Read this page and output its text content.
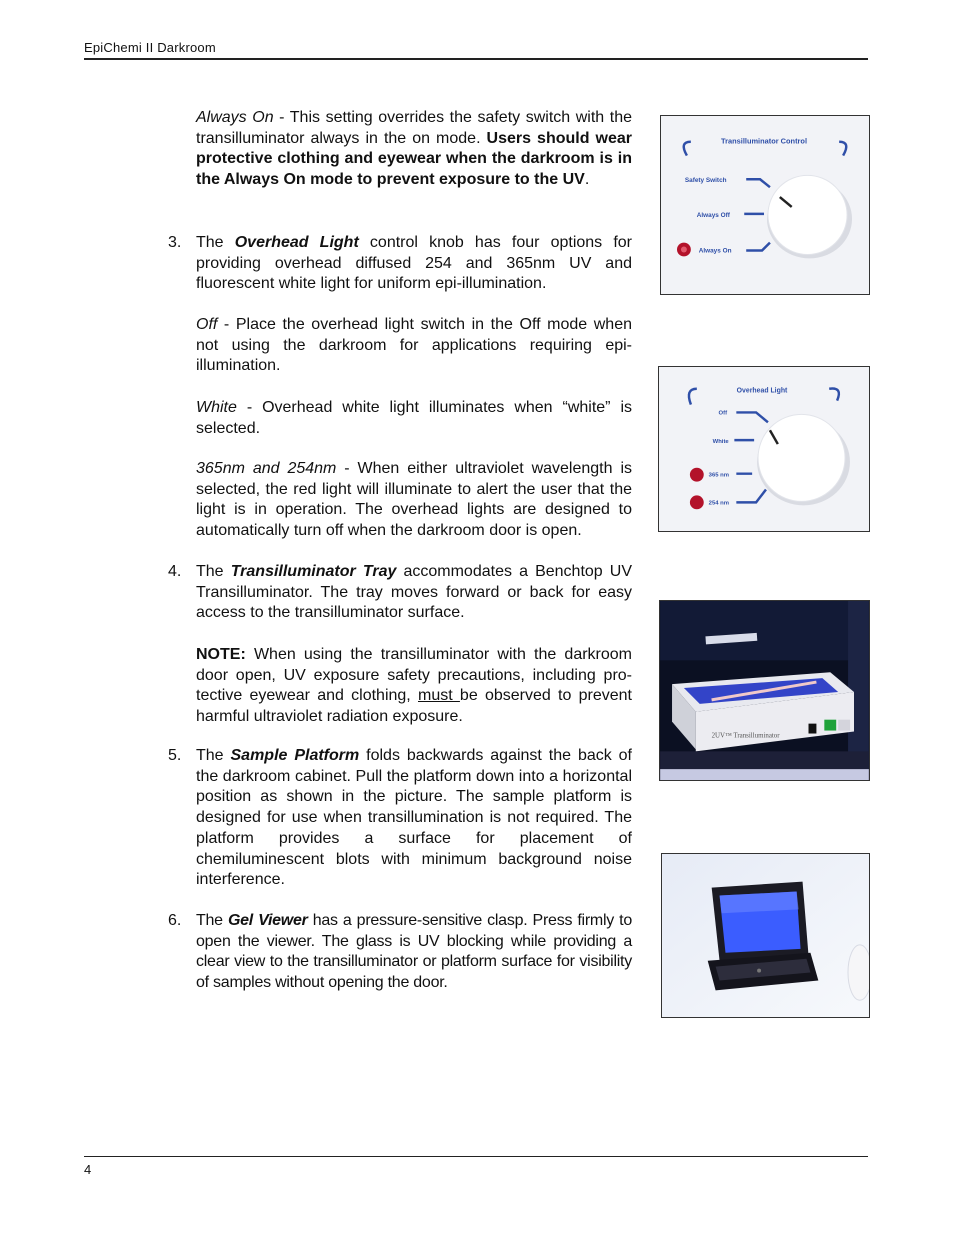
EpiChemi II Darkroom

Always On - This setting overrides the safety switch with the transilluminator always in the on mode. Users should wear protective clothing and eyewear when the darkroom is in the Always On mode to prevent exposure to the UV.

3. The Overhead Light control knob has four options for providing overhead diffused 254 and 365nm UV and fluorescent white light for uniform epi-illumination.

Off - Place the overhead light switch in the Off mode when not using the darkroom for applications requiring epi-illumination.

White - Overhead white light illuminates when “white” is selected.

365nm and 254nm - When either ultraviolet wavelength is selected, the red light will illuminate to alert the user that the light is in operation. The overhead lights are designed to automatically turn off when the darkroom door is open.

4. The Transilluminator Tray accommodates a Benchtop UV Transilluminator. The tray moves forward or back for easy access to the transilluminator surface.

NOTE: When using the transilluminator with the darkroom door open, UV exposure safety precautions, including pro-tective eyewear and clothing, must be observed to prevent harmful ultraviolet radiation exposure.

5. The Sample Platform folds backwards against the back of the darkroom cabinet. Pull the platform down into a horizontal position as shown in the picture. The sample platform is designed for use when transillumination is not required. The platform provides a surface for placement of chemiluminescent blots with minimum background noise interference.

6. The Gel Viewer has a pressure-sensitive clasp. Press firmly to open the viewer. The glass is UV blocking while providing a clear view to the transilluminator or platform surface for visibility of samples without opening the door.

Transilluminator Control
Safety Switch
Always Off
Always On
Overhead Light
Off
White
365 nm
254 nm
2UV™ Transilluminator
4
